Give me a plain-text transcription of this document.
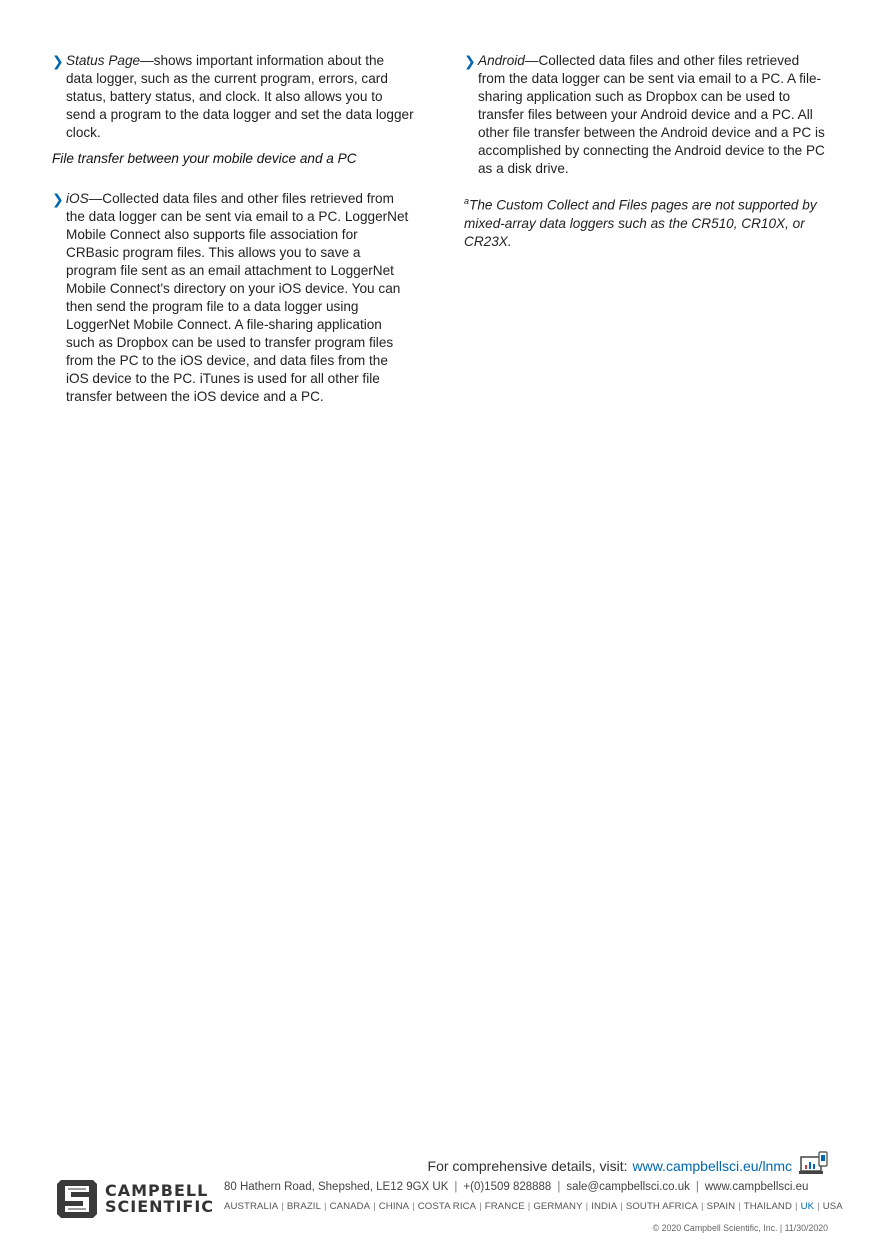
❯ Status Page—shows important information about the data logger, such as the current program, errors, card status, battery status, and clock. It also allows you to send a program to the data logger and set the data logger clock.

File transfer between your mobile device and a PC

❯ iOS—Collected data files and other files retrieved from the data logger can be sent via email to a PC. LoggerNet Mobile Connect also supports file association for CRBasic program files. This allows you to save a program file sent as an email attachment to LoggerNet Mobile Connect's directory on your iOS device. You can then send the program file to a data logger using LoggerNet Mobile Connect. A file-sharing application such as Dropbox can be used to transfer program files from the PC to the iOS device, and data files from the iOS device to the PC. iTunes is used for all other file transfer between the iOS device and a PC.

❯ Android—Collected data files and other files retrieved from the data logger can be sent via email to a PC. A file-sharing application such as Dropbox can be used to transfer files between your Android device and a PC. All other file transfer between the Android device and a PC is accomplished by connecting the Android device to the PC as a disk drive.

$^a$The Custom Collect and Files pages are not supported by mixed-array data loggers such as the CR510, CR10X, or CR23X.

For comprehensive details, visit: www.campbellsci.eu/lnmc
CAMPBELL
SCIENTIFIC
80 Hathern Road, Shepshed, LE12 9GX UK | +(0)1509 828888 | sale@campbellsci.co.uk | www.campbellsci.eu
AUSTRALIA | BRAZIL | CANADA | CHINA | COSTA RICA | FRANCE | GERMANY | INDIA | SOUTH AFRICA | SPAIN | THAILAND | UK | USA
© 2020 Campbell Scientific, Inc. | 11/30/2020
